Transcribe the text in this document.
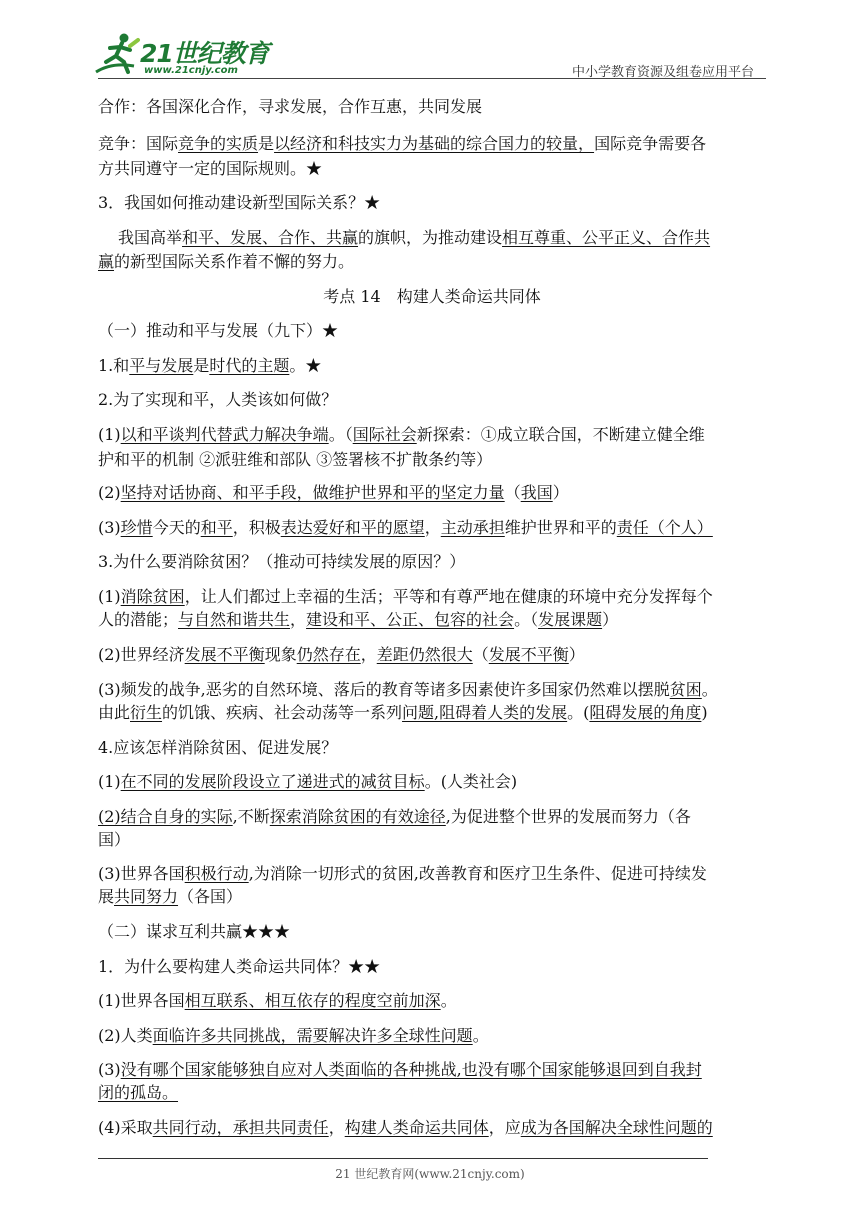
21世纪教育
www.21cnjy.com	中小学教育资源及组卷应用平台
合作：各国深化合作，寻求发展，合作互惠，共同发展
竞争：国际竞争的实质是以经济和科技实力为基础的综合国力的较量，国际竞争需要各
方共同遵守一定的国际规则。★
3．我国如何推动建设新型国际关系？★
我国高举和平、发展、合作、共赢的旗帜，为推动建设相互尊重、公平正义、合作共
赢的新型国际关系作着不懈的努力。
考点 14　构建人类命运共同体
（一）推动和平与发展（九下）★
1.和平与发展是时代的主题。★
2.为了实现和平，人类该如何做？
(1)以和平谈判代替武力解决争端。（国际社会新探索：①成立联合国，不断建立健全维
护和平的机制 ②派驻维和部队 ③签署核不扩散条约等）
(2)坚持对话协商、和平手段，做维护世界和平的坚定力量（我国）
(3)珍惜今天的和平，积极表达爱好和平的愿望，主动承担维护世界和平的责任（个人）
3.为什么要消除贫困？（推动可持续发展的原因？）
(1)消除贫困，让人们都过上幸福的生活；平等和有尊严地在健康的环境中充分发挥每个
人的潜能；与自然和谐共生，建设和平、公正、包容的社会。（发展课题）
(2)世界经济发展不平衡现象仍然存在，差距仍然很大（发展不平衡）
(3)频发的战争,恶劣的自然环境、落后的教育等诸多因素使许多国家仍然难以摆脱贫困。
由此衍生的饥饿、疾病、社会动荡等一系列问题,阻碍着人类的发展。(阻碍发展的角度)
4.应该怎样消除贫困、促进发展？
(1)在不同的发展阶段设立了递进式的减贫目标。(人类社会)
(2)结合自身的实际,不断探索消除贫困的有效途径,为促进整个世界的发展而努力（各
国）
(3)世界各国积极行动,为消除一切形式的贫困,改善教育和医疗卫生条件、促进可持续发
展共同努力（各国）
（二）谋求互利共赢★★★
1．为什么要构建人类命运共同体？★★
(1)世界各国相互联系、相互依存的程度空前加深。
(2)人类面临许多共同挑战，需要解决许多全球性问题。
(3)没有哪个国家能够独自应对人类面临的各种挑战,也没有哪个国家能够退回到自我封
闭的孤岛。
(4)采取共同行动，承担共同责任，构建人类命运共同体，应成为各国解决全球性问题的
21 世纪教育网(www.21cnjy.com)
